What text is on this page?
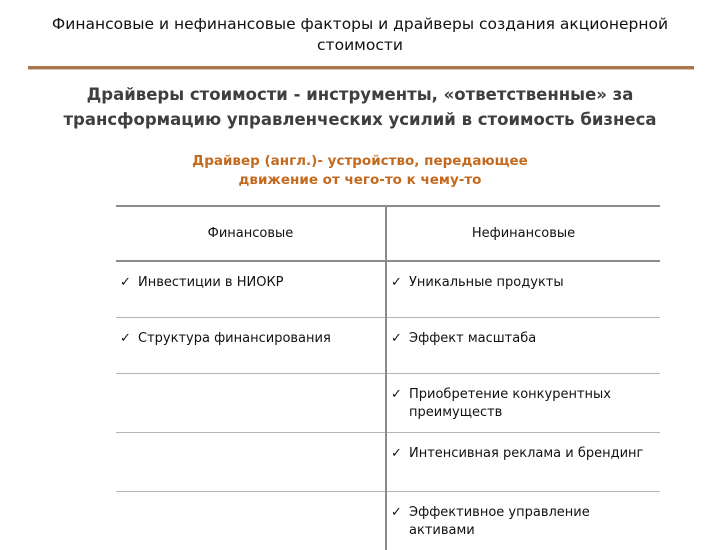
Финансовые и нефинансовые факторы и драйверы создания акционерной стоимости
Драйверы стоимости - инструменты, «ответственные» за трансформацию управленческих усилий в стоимость бизнеса
Драйвер (англ.)- устройство, передающее движение от чего-то к чему-то
Финансовые	Нефинансовые

✓ Инвестиции в НИОКР	✓ Уникальные продукты

✓ Структура финансирования	✓ Эффект масштаба

	✓ Приобретение конкурентных преимуществ

	✓ Интенсивная реклама и брендинг

	✓ Эффективное управление активами
